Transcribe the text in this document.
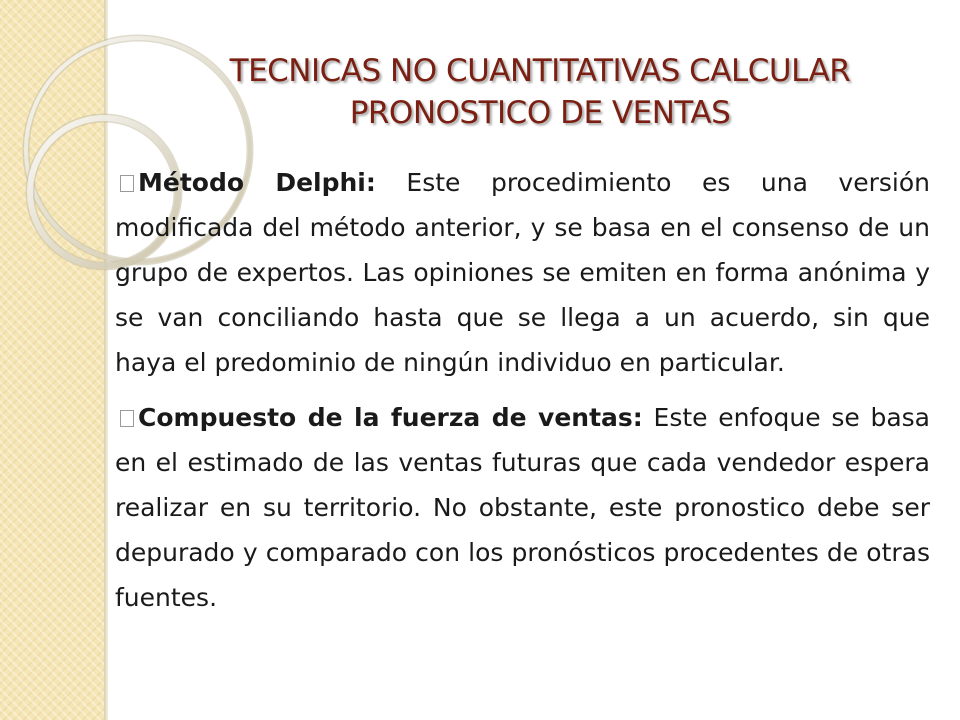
TECNICAS NO CUANTITATIVAS CALCULAR
PRONOSTICO DE VENTAS

Método Delphi: Este procedimiento es una versión modificada del método anterior, y se basa en el consenso de un grupo de expertos. Las opiniones se emiten en forma anónima y se van conciliando hasta que se llega a un acuerdo, sin que haya el predominio de ningún individuo en particular.

Compuesto de la fuerza de ventas: Este enfoque se basa en el estimado de las ventas futuras que cada vendedor espera realizar en su territorio. No obstante, este pronostico debe ser depurado y comparado con los pronósticos procedentes de otras fuentes.
